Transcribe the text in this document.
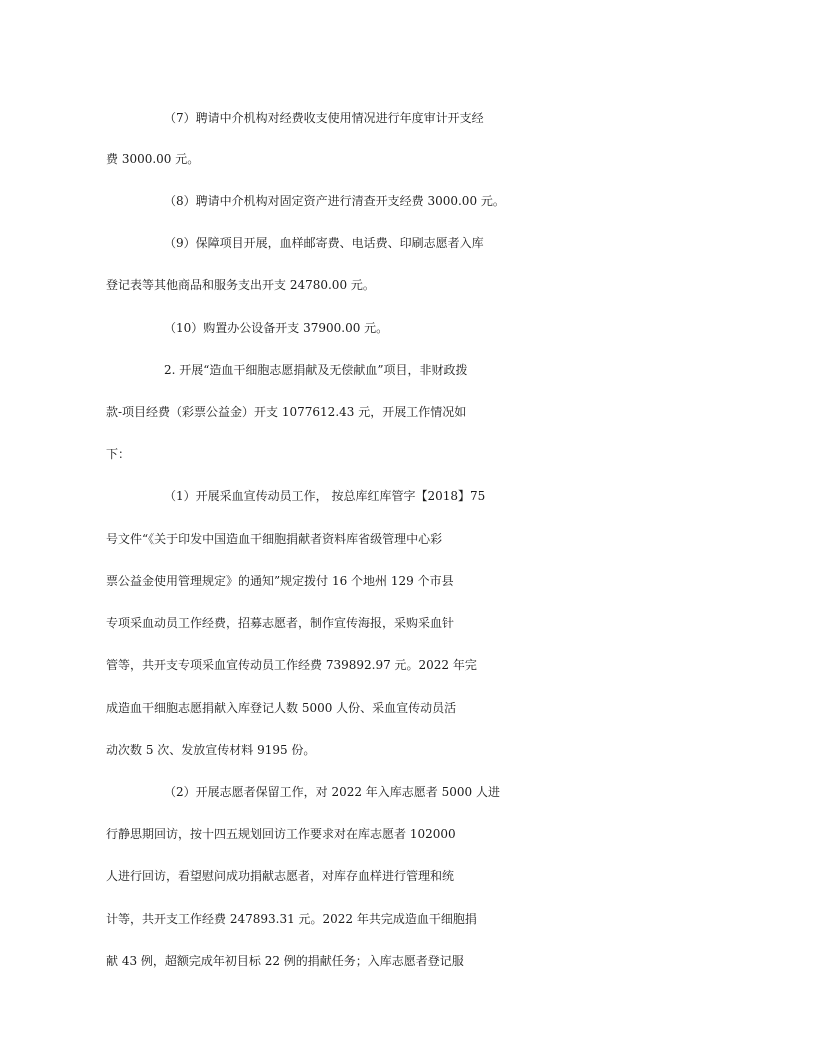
（7）聘请中介机构对经费收支使用情况进行年度审计开支经
费 3000.00 元。
（8）聘请中介机构对固定资产进行清查开支经费 3000.00 元。
（9）保障项目开展，血样邮寄费、电话费、印刷志愿者入库
登记表等其他商品和服务支出开支 24780.00 元。
（10）购置办公设备开支 37900.00 元。
2. 开展“造血干细胞志愿捐献及无偿献血”项目，非财政拨
款-项目经费（彩票公益金）开支 1077612.43 元，开展工作情况如
下：
（1）开展采血宣传动员工作， 按总库红库管字【2018】75
号文件“《关于印发中国造血干细胞捐献者资料库省级管理中心彩
票公益金使用管理规定》的通知”规定拨付 16 个地州 129 个市县
专项采血动员工作经费，招募志愿者，制作宣传海报，采购采血针
管等，共开支专项采血宣传动员工作经费 739892.97 元。2022 年完
成造血干细胞志愿捐献入库登记人数 5000 人份、采血宣传动员活
动次数 5 次、发放宣传材料 9195 份。
（2）开展志愿者保留工作，对 2022 年入库志愿者 5000 人进
行静思期回访，按十四五规划回访工作要求对在库志愿者 102000
人进行回访，看望慰问成功捐献志愿者，对库存血样进行管理和统
计等，共开支工作经费 247893.31 元。2022 年共完成造血干细胞捐
献 43 例，超额完成年初目标 22 例的捐献任务；入库志愿者登记服
